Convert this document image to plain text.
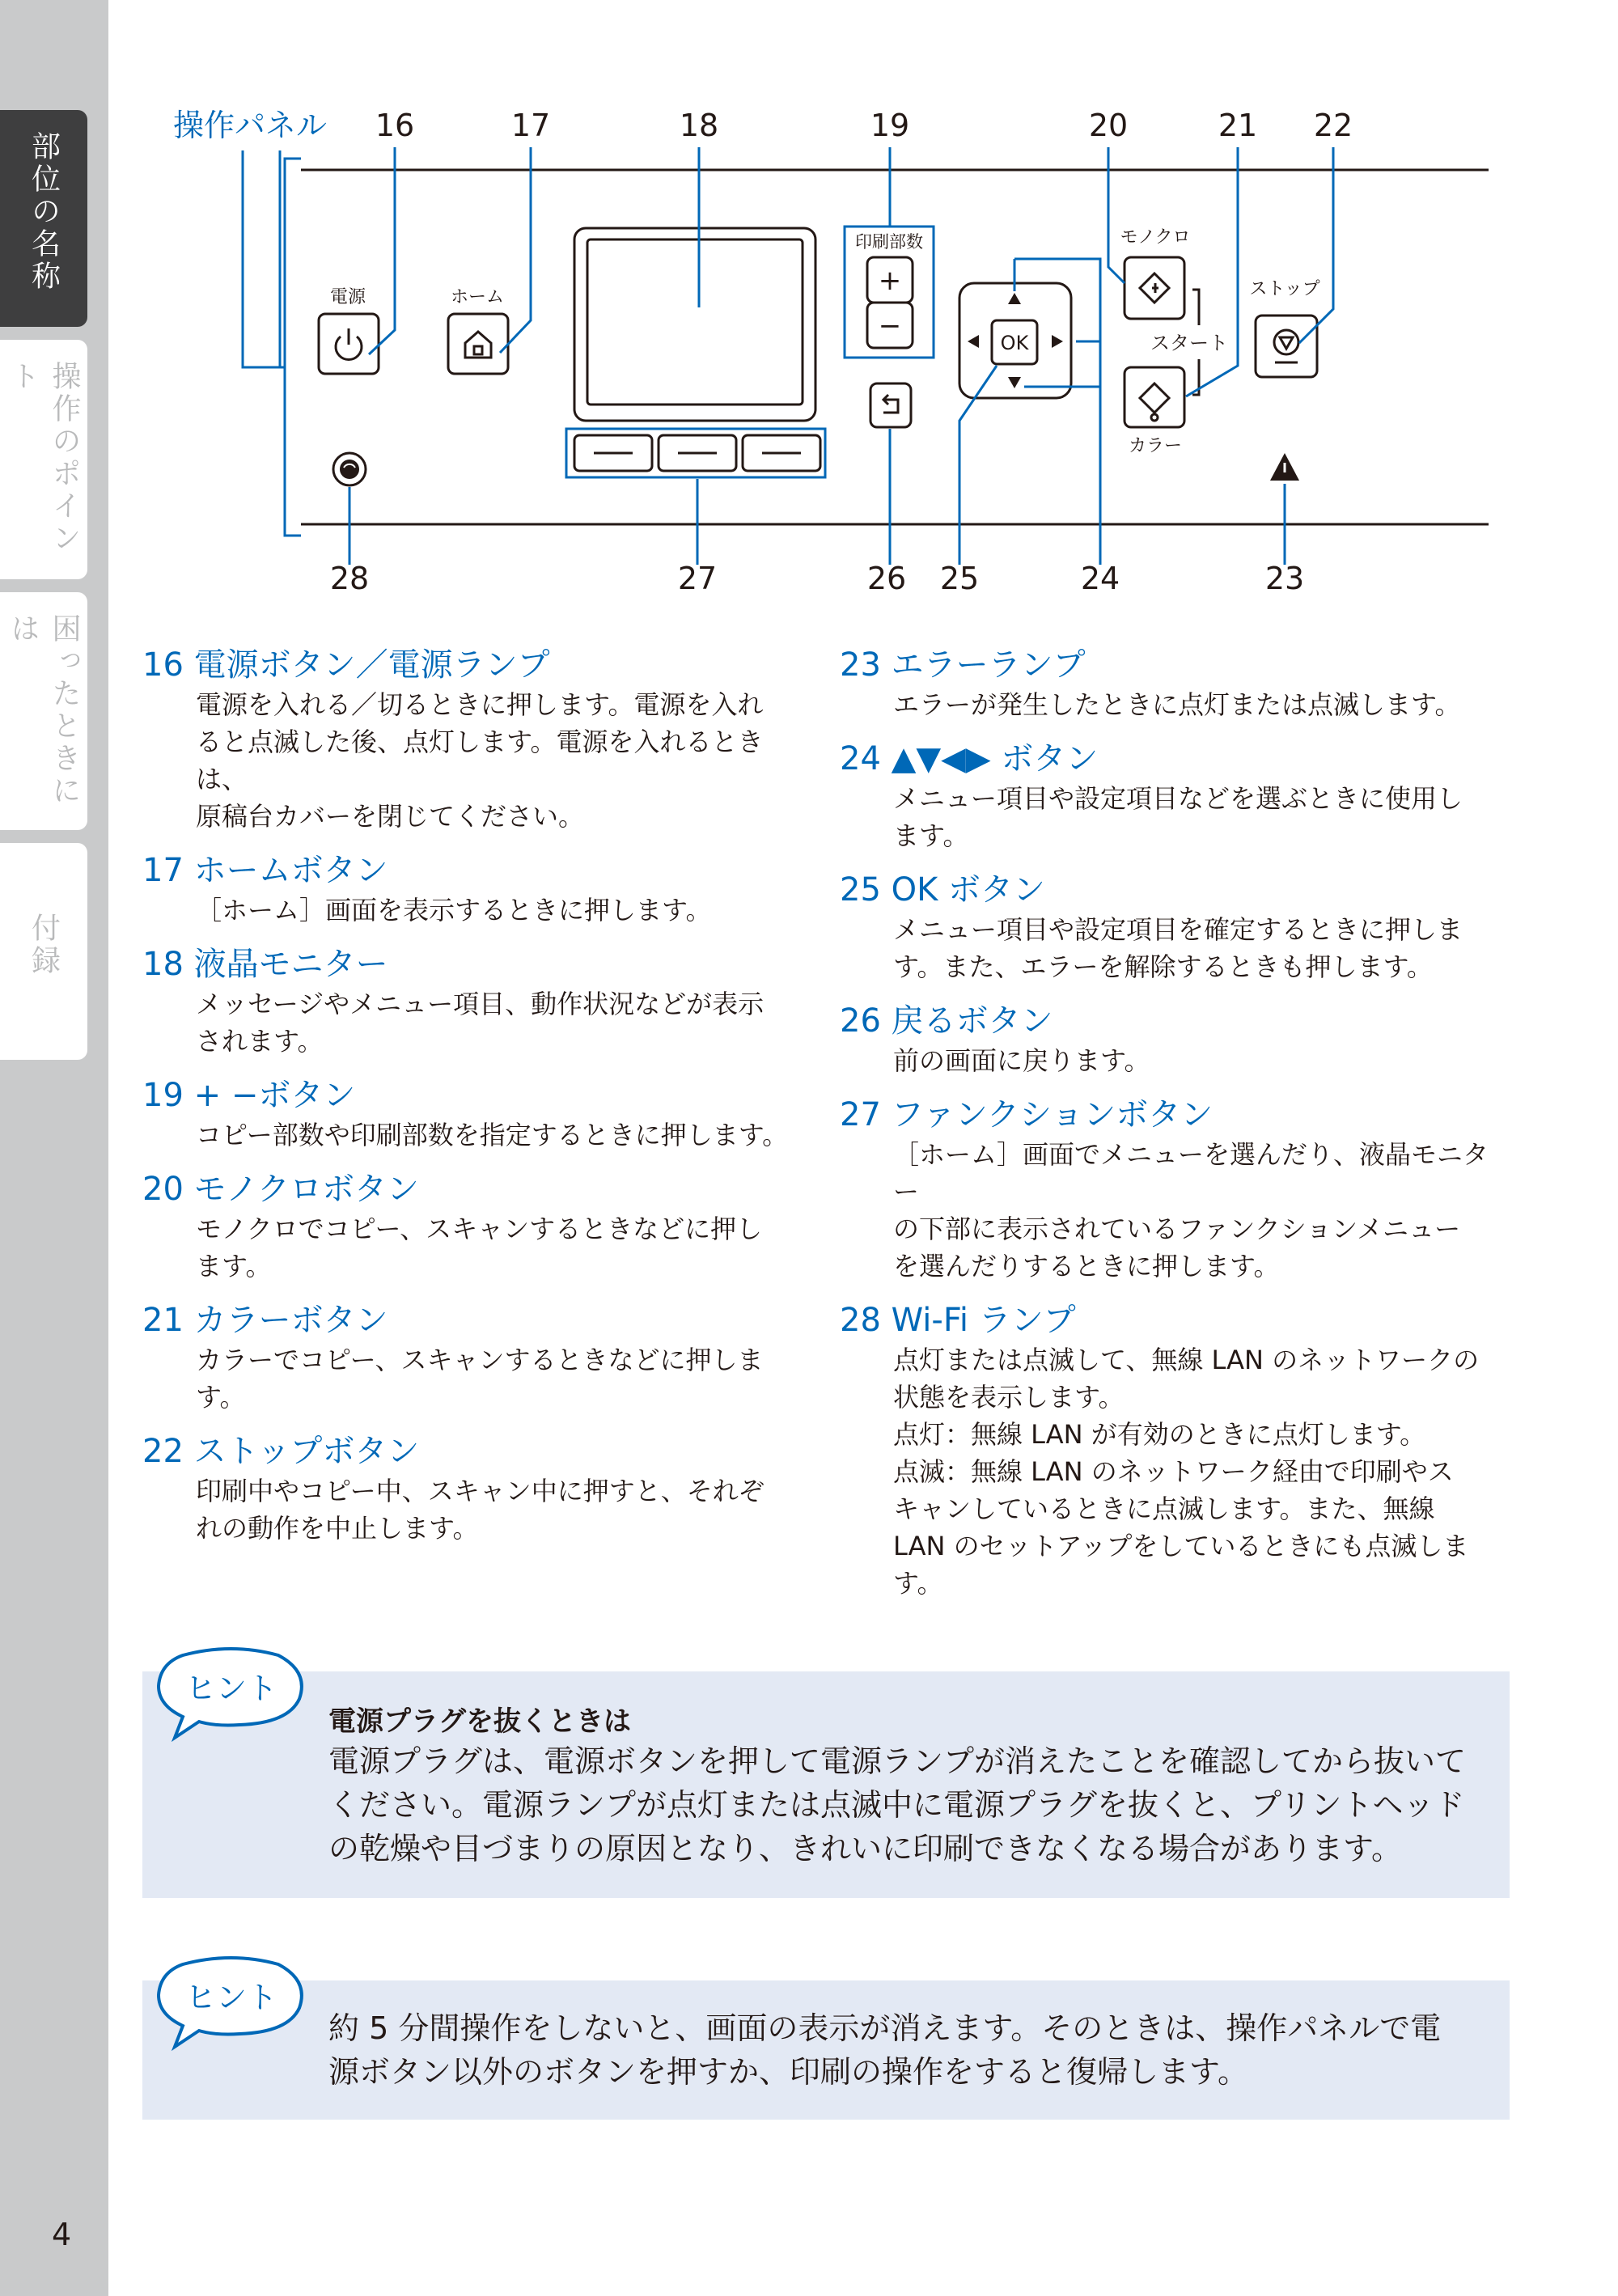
部位の名称
操作のポイント
困ったときには
付録
4
操作パネル 16	17	18	19	20	21 22
28	27	26 25	24	23
電源	ホーム
印刷部数
+
−
OK
モノクロ
スタート
カラー
ストップ
16 電源ボタン／電源ランプ

電源を入れる／切るときに押します。電源を入れ
ると点滅した後、点灯します。電源を入れるときは、
原稿台カバーを閉じてください。

17 ホームボタン

［ホーム］画面を表示するときに押します。

18 液晶モニター

メッセージやメニュー項目、動作状況などが表示
されます。

19 + −ボタン

コピー部数や印刷部数を指定するときに押します。

20 モノクロボタン

モノクロでコピー、スキャンするときなどに押し
ます。

21 カラーボタン

カラーでコピー、スキャンするときなどに押しま
す。

22 ストップボタン

印刷中やコピー中、スキャン中に押すと、それぞ
れの動作を中止します。

23 エラーランプ

エラーが発生したときに点灯または点滅します。

24 ▲▼◀▶ ボタン

メニュー項目や設定項目などを選ぶときに使用し
ます。

25 OK ボタン

メニュー項目や設定項目を確定するときに押しま
す。また、エラーを解除するときも押します。

26 戻るボタン

前の画面に戻ります。

27 ファンクションボタン

［ホーム］画面でメニューを選んだり、液晶モニター
の下部に表示されているファンクションメニュー
を選んだりするときに押します。

28 Wi-Fi ランプ

点灯または点滅して、無線 LAN のネットワークの
状態を表示します。
点灯：無線 LAN が有効のときに点灯します。
点滅：無線 LAN のネットワーク経由で印刷やス
キャンしているときに点滅します。また、無線
LAN のセットアップをしているときにも点滅しま
す。

ヒント
電源プラグを抜くときは

電源プラグは、電源ボタンを押して電源ランプが消えたことを確認してから抜いて

ください。電源ランプが点灯または点滅中に電源プラグを抜くと、プリントヘッド

の乾燥や目づまりの原因となり、きれいに印刷できなくなる場合があります。

ヒント

約 5 分間操作をしないと、画面の表示が消えます。そのときは、操作パネルで電

源ボタン以外のボタンを押すか、印刷の操作をすると復帰します。
